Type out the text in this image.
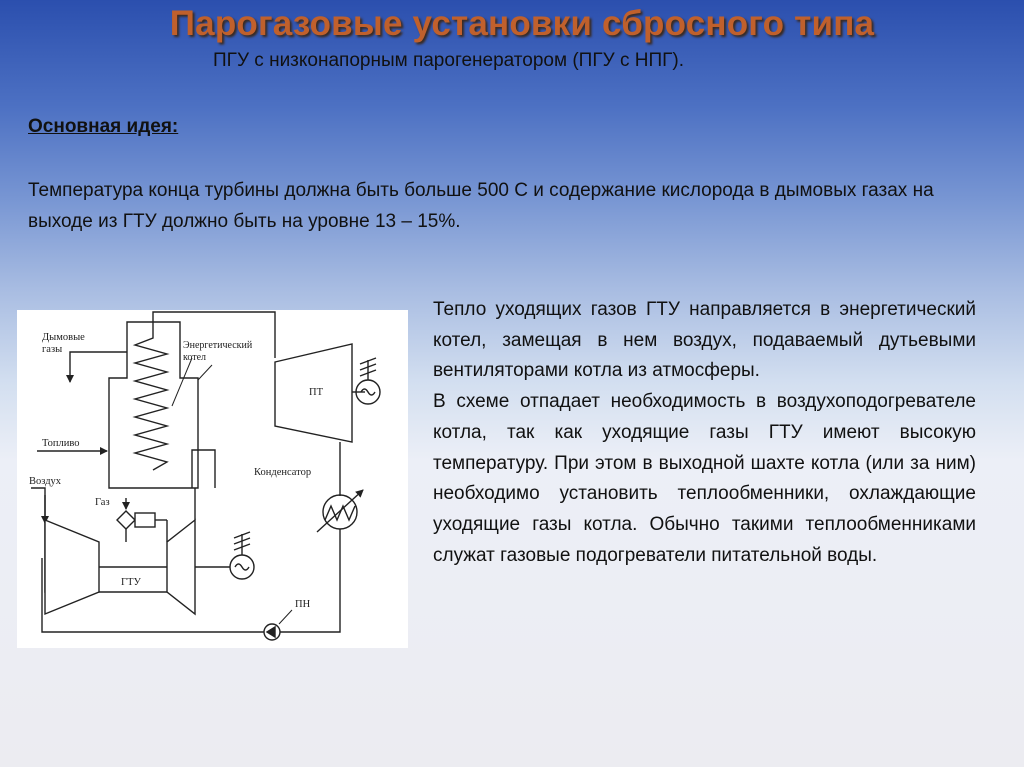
Парогазовые установки сбросного типа
ПГУ с низконапорным парогенератором (ПГУ с НПГ).
Основная идея:
Температура конца турбины должна быть больше 500 С и содержание кислорода в дымовых газах на выходе из ГТУ должно быть на уровне 13 – 15%.
Дымовые
газы
Топливо
Воздух
Газ
ГТУ
Энергетический
котел
ПТ
Конденсатор
ПН

Тепло уходящих газов ГТУ направляется в энергетический котел, замещая в нем воздух, подаваемый дутьевыми вентиляторами котла из атмосферы.

В схеме отпадает необходимость в воздухоподогревателе котла, так как уходящие газы ГТУ имеют высокую температуру. При этом в выходной шахте котла (или за ним) необходимо установить теплообменники, охлаждающие уходящие газы котла. Обычно такими теплообменниками служат газовые подогреватели питательной воды.
